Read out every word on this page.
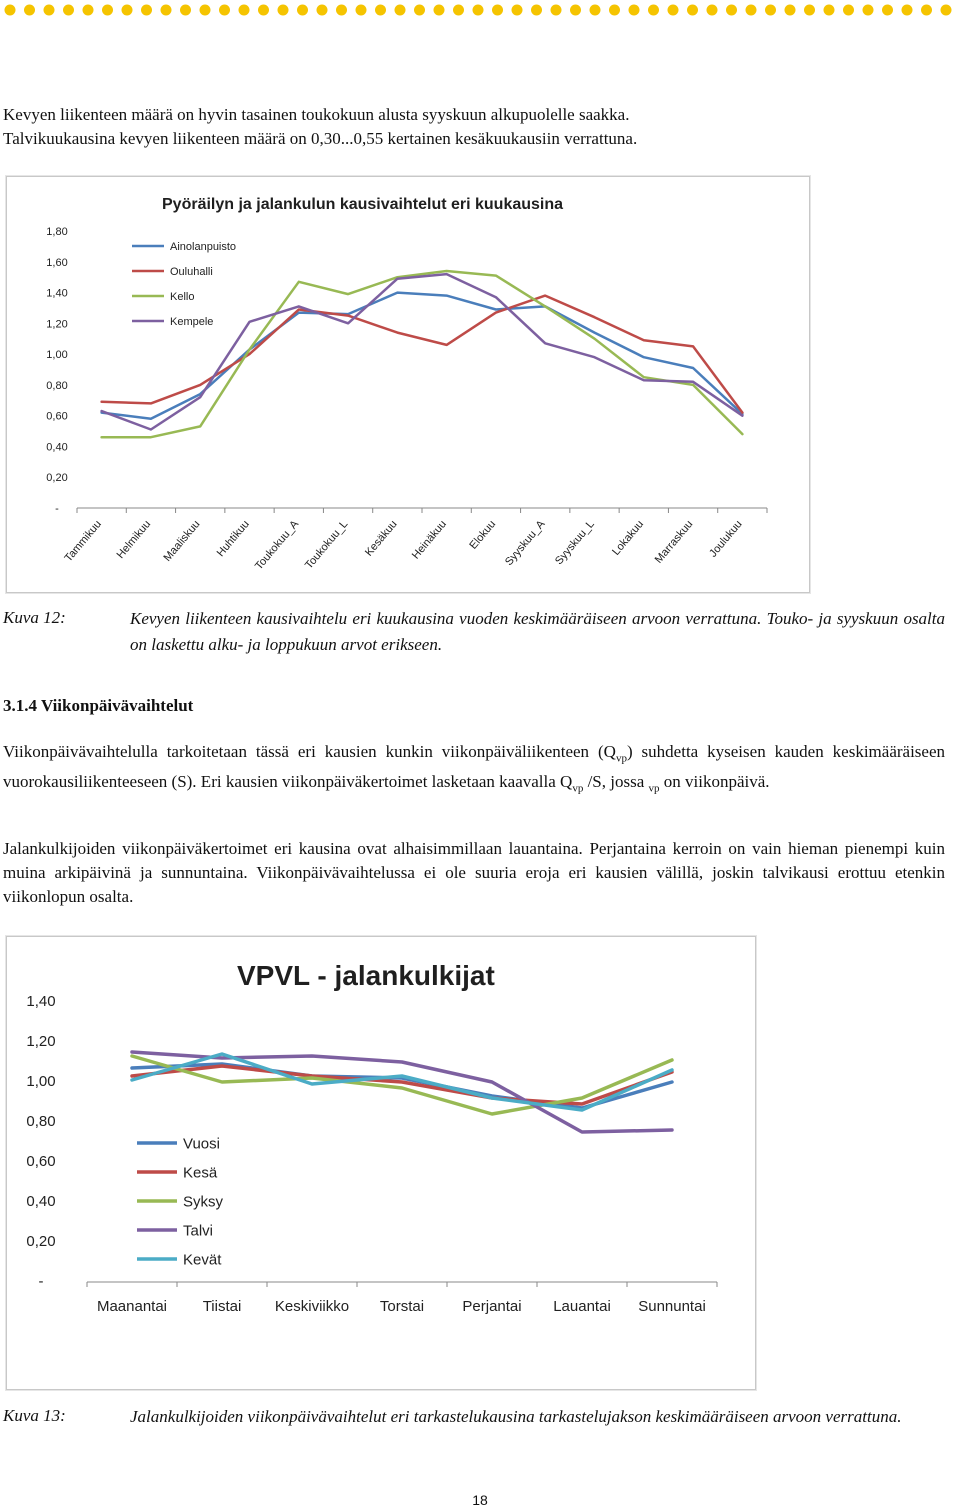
Kevyen liikenteen määrä on hyvin tasainen toukokuun alusta syyskuun alkupuolelle saakka.
Talvikuukausina kevyen liikenteen määrä on 0,30...0,55 kertainen kesäkuukausiin verrattuna.
Pyöräilyn ja jalankulun kausivaihtelut eri kuukausina
1,80
1,60
1,40
1,20
1,00
0,80
0,60
0,40
0,20
-
Tammikuu Helmikuu Maaliskuu Huhtikuu Toukokuu_A Toukokuu_L Kesäkuu Heinäkuu Elokuu Syyskuu_A Syyskuu_L Lokakuu Marraskuu Joulukuu
Ainolanpuisto
Ouluhalli
Kello
Kempele
Kuva 12:	Kevyen liikenteen kausivaihtelu eri kuukausina vuoden keskimääräiseen arvoon verrattuna. Touko- ja syyskuun osalta on laskettu alku- ja loppukuun arvot erikseen.
3.1.4 Viikonpäivävaihtelut
Viikonpäivävaihtelulla tarkoitetaan tässä eri kausien kunkin viikonpäiväliikenteen $(Q_{vp})$ suhdetta kyseisen kauden keskimääräiseen vuorokausiliikenteeseen (S). Eri kausien viikonpäiväkertoimet lasketaan kaavalla $Q_{vp}$ /S, jossa $_{vp}$ on viikonpäivä.
Jalankulkijoiden viikonpäiväkertoimet eri kausina ovat alhaisimmillaan lauantaina. Perjantaina kerroin on vain hieman pienempi kuin muina arkipäivinä ja sunnuntaina. Viikonpäivävaihtelussa ei ole suuria eroja eri kausien välillä, joskin talvikausi erottuu etenkin viikonlopun osalta.
VPVL - jalankulkijat
1,40
1,20
1,00
0,80
0,60
0,40
0,20
-
Maanantai Tiistai Keskiviikko Torstai	Perjantai Lauantai Sunnuntai
Vuosi
Kesä
Syksy
Talvi
Kevät
Kuva 13:	Jalankulkijoiden viikonpäivävaihtelut eri tarkastelukausina tarkastelujakson keskimääräiseen arvoon verrattuna.
18
